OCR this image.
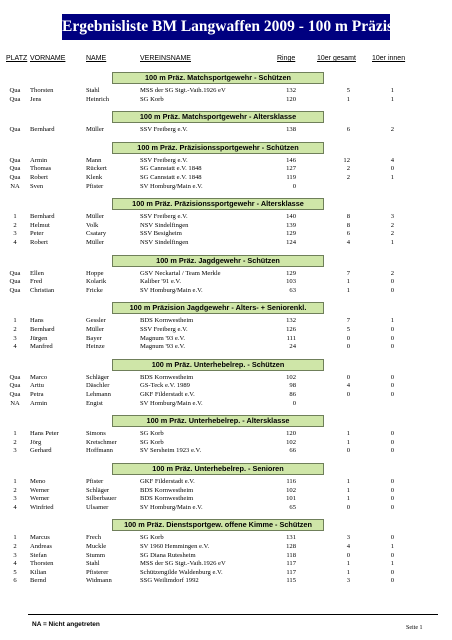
Ergebnisliste BM Langwaffen 2009 - 100 m Präzision
PLATZ VORNAME	NAME	VEREINSNAME	Ringe	10er gesamt 10er innen
100 m Präz. Matchsportgewehr - Schützen
Qua	Thorsten	Stahl	MSS der SG Stgt.-Vaih.1926 eV	132	5	1
Qua	Jens	Heinrich	SG Korb	120	1	1
100 m Präz. Matchsportgewehr - Altersklasse
Qua	Bernhard	Müller	SSV Freiberg e.V.	138	6	2
100 m Präz. Präzisionssportgewehr - Schützen
Qua	Armin	Mann	SSV Freiberg e.V.	146	12	4
Qua	Thomas	Rückert	SG Cannstatt e.V. 1848	127	2	0
Qua	Robert	Klenk	SG Cannstatt e.V. 1848	119	2	1
NA	Sven	Pfister	SV Homburg/Main e.V.	0
100 m Präz. Präzisionssportgewehr - Altersklasse
1	Bernhard	Müller	SSV Freiberg e.V.	140	8	3
2	Helmut	Volk	NSV Sindelfingen	139	8	2
3	Peter	Csatary	SSV Besigheim	129	6	2
4	Robert	Müller	NSV Sindelfingen	124	4	1
100 m Präz. Jagdgewehr - Schützen
Qua	Ellen	Hoppe	GSV Neckartal / Team Merkle	129	7	2
Qua	Fred	Kolarik	Kaliber '91 e.V.	103	1	0
Qua	Christian	Fricke	SV Homburg/Main e.V.	63	1	0
100 m Präzision Jagdgewehr - Alters- + Seniorenkl.
1	Hans	Gessler	BDS Kornwestheim	132	7	1
2	Bernhard	Müller	SSV Freiberg e.V.	126	5	0
3	Jürgen	Bayer	Magnum '93 e.V.	111	0	0
4	Manfred	Heinze	Magnum '93 e.V.	24	0	0
100 m Präz. Unterhebelrep. - Schützen
Qua	Marco	Schläger	BDS Kornwestheim	102	0	0
Qua	Arttu	Däschler	GS-Teck e.V. 1989	98	4	0
Qua	Petra	Lehmann	GKF Filderstadt e.V.	86	0	0
NA	Armin	Engist	SV Homburg/Main e.V.	0
100 m Präz. Unterhebelrep. - Altersklasse
1	Hans Peter	Simons	SG Korb	120	1	0
2	Jörg	Kretschmer	SG Korb	102	1	0
3	Gerhard	Hoffmann	SV Sersheim 1923 e.V.	66	0	0
100 m Präz. Unterhebelrep. - Senioren
1	Meno	Pfister	GKF Filderstadt e.V.	116	1	0
2	Werner	Schläger	BDS Kornwestheim	102	1	0
3	Werner	Silberbauer	BDS Kornwestheim	101	1	0
4	Winfried	Ulsamer	SV Homburg/Main e.V.	65	0	0
100 m Präz. Dienstsportgew. offene Kimme - Schützen
1	Marcus	Frech	SG Korb	131	3	0
2	Andreas	Muckle	SV 1960 Hemmingen e.V.	128	4	1
3	Stefan	Stumm	SG Diana Rutesheim	118	0	0
4	Thorsten	Stahl	MSS der SG Stgt.-Vaih.1926 eV	117	1	1
5	Kilian	Pfisterer	Schützengilde Waldenburg e.V.	117	1	0
6	Bernd	Widmann	SSG Weilimdorf 1992	115	3	0
NA = Nicht angetreten	Seite 1
